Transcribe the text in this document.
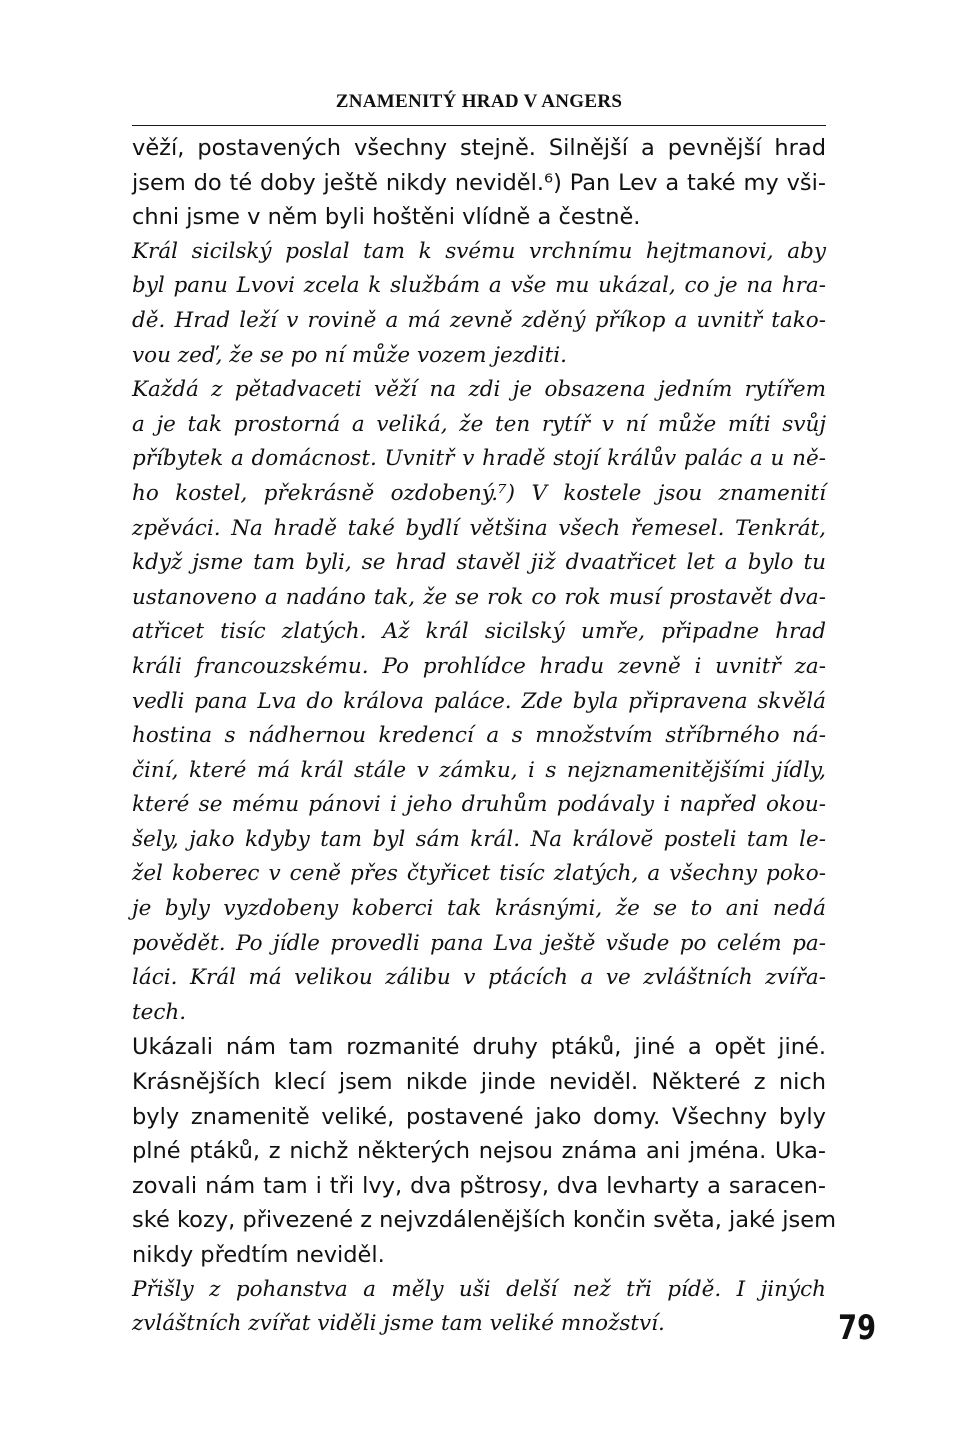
ZNAMENITÝ HRAD V ANGERS
věží, postavených všechny stejně. Silnější a pevnější hrad
jsem do té doby ještě nikdy neviděl.⁶) Pan Lev a také my vši-
chni jsme v něm byli hoštěni vlídně a čestně.
Král sicilský poslal tam k svému vrchnímu hejtmanovi, aby
byl panu Lvovi zcela k službám a vše mu ukázal, co je na hra-
dě. Hrad leží v rovině a má zevně zděný příkop a uvnitř tako-
vou zeď, že se po ní může vozem jezditi.
Každá z pětadvaceti věží na zdi je obsazena jedním rytířem
a je tak prostorná a veliká, že ten rytíř v ní může míti svůj
příbytek a domácnost. Uvnitř v hradě stojí králův palác a u ně-
ho kostel, překrásně ozdobený.⁷) V kostele jsou znamenití
zpěváci. Na hradě také bydlí většina všech řemesel. Tenkrát,
když jsme tam byli, se hrad stavěl již dvaatřicet let a bylo tu
ustanoveno a nadáno tak, že se rok co rok musí prostavět dva-
atřicet tisíc zlatých. Až král sicilský umře, připadne hrad
králi francouzskému. Po prohlídce hradu zevně i uvnitř za-
vedli pana Lva do králova paláce. Zde byla připravena skvělá
hostina s nádhernou kredencí a s množstvím stříbrného ná-
činí, které má král stále v zámku, i s nejznamenitějšími jídly,
které se mému pánovi i jeho druhům podávaly i napřed okou-
šely, jako kdyby tam byl sám král. Na královĕ posteli tam le-
žel koberec v ceně přes čtyřicet tisíc zlatých, a všechny poko-
je byly vyzdobeny koberci tak krásnými, že se to ani nedá
povědět. Po jídle provedli pana Lva ještě všude po celém pa-
láci. Král má velikou zálibu v ptácích a ve zvláštních zvířa-
tech.
Ukázali nám tam rozmanité druhy ptáků, jiné a opět jiné.
Krásnějších klecí jsem nikde jinde neviděl. Některé z nich
byly znamenitě veliké, postavené jako domy. Všechny byly
plné ptáků, z nichž některých nejsou známa ani jména. Uka-
zovali nám tam i tři lvy, dva pštrosy, dva levharty a saracen-
ské kozy, přivezené z nejvzdálenějších končin světa, jaké jsem
nikdy předtím neviděl.
Přišly z pohanstva a měly uši delší než tři pídě. I jiných
zvláštních zvířat viděli jsme tam veliké množství.	79
